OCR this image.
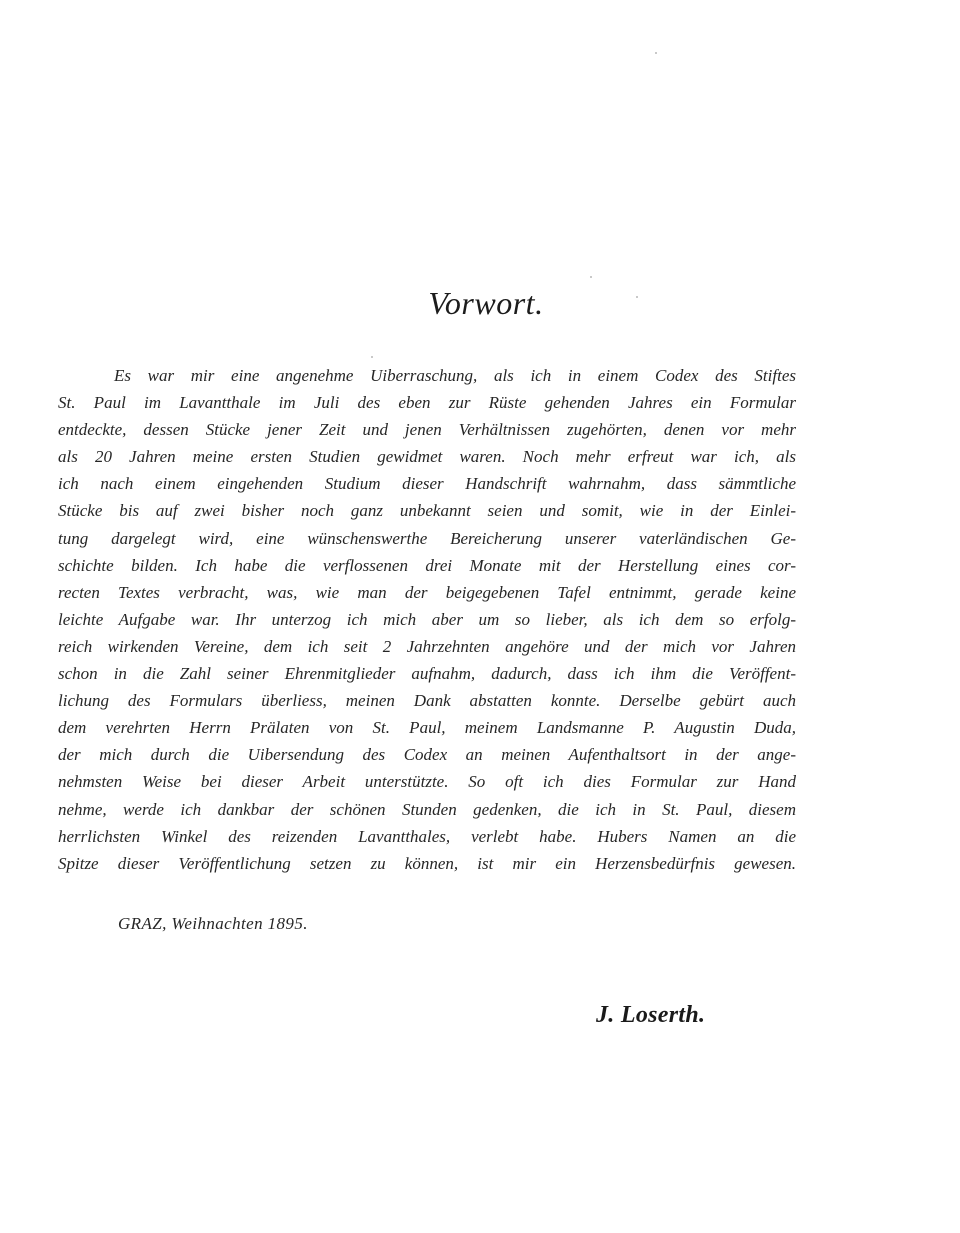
Vorwort.
Es war mir eine angenehme Uiberraschung, als ich in einem Codex des Stiftes
St. Paul im Lavantthale im Juli des eben zur Rüste gehenden Jahres ein Formular
entdeckte, dessen Stücke jener Zeit und jenen Verhältnissen zugehörten, denen vor mehr
als 20 Jahren meine ersten Studien gewidmet waren. Noch mehr erfreut war ich, als
ich nach einem eingehenden Studium dieser Handschrift wahrnahm, dass sämmtliche
Stücke bis auf zwei bisher noch ganz unbekannt seien und somit, wie in der Einlei-
tung dargelegt wird, eine wünschenswerthe Bereicherung unserer vaterländischen Ge-
schichte bilden. Ich habe die verflossenen drei Monate mit der Herstellung eines cor-
recten Textes verbracht, was, wie man der beigegebenen Tafel entnimmt, gerade keine
leichte Aufgabe war. Ihr unterzog ich mich aber um so lieber, als ich dem so erfolg-
reich wirkenden Vereine, dem ich seit 2 Jahrzehnten angehöre und der mich vor Jahren
schon in die Zahl seiner Ehrenmitglieder aufnahm, dadurch, dass ich ihm die Veröffent-
lichung des Formulars überliess, meinen Dank abstatten konnte. Derselbe gebürt auch
dem verehrten Herrn Prälaten von St. Paul, meinem Landsmanne P. Augustin Duda,
der mich durch die Uibersendung des Codex an meinen Aufenthaltsort in der ange-
nehmsten Weise bei dieser Arbeit unterstützte. So oft ich dies Formular zur Hand
nehme, werde ich dankbar der schönen Stunden gedenken, die ich in St. Paul, diesem
herrlichsten Winkel des reizenden Lavantthales, verlebt habe. Hubers Namen an die
Spitze dieser Veröffentlichung setzen zu können, ist mir ein Herzensbedürfnis gewesen.
GRAZ, Weihnachten 1895.
J. Loserth.
